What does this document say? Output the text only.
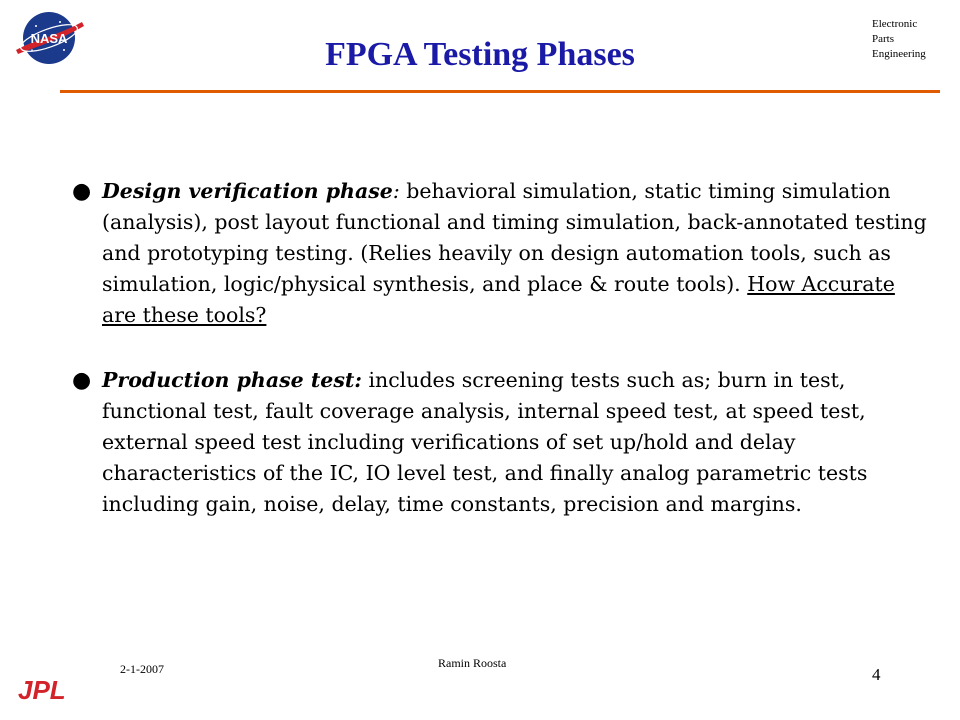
NASA	FPGA Testing Phases
Electronic
Parts
Engineering

● Design verification phase: behavioral simulation, static timing simulation (analysis), post layout functional and timing simulation, back-annotated testing and prototyping testing. (Relies heavily on design automation tools, such as simulation, logic/physical synthesis, and place & route tools). How Accurate are these tools?

● Production phase test: includes screening tests such as; burn in test, functional test, fault coverage analysis, internal speed test, at speed test, external speed test including verifications of set up/hold and delay characteristics of the IC, IO level test, and finally analog parametric tests including gain, noise, delay, time constants, precision and margins.

2-1-2007	Ramin Roosta
4
JPL
